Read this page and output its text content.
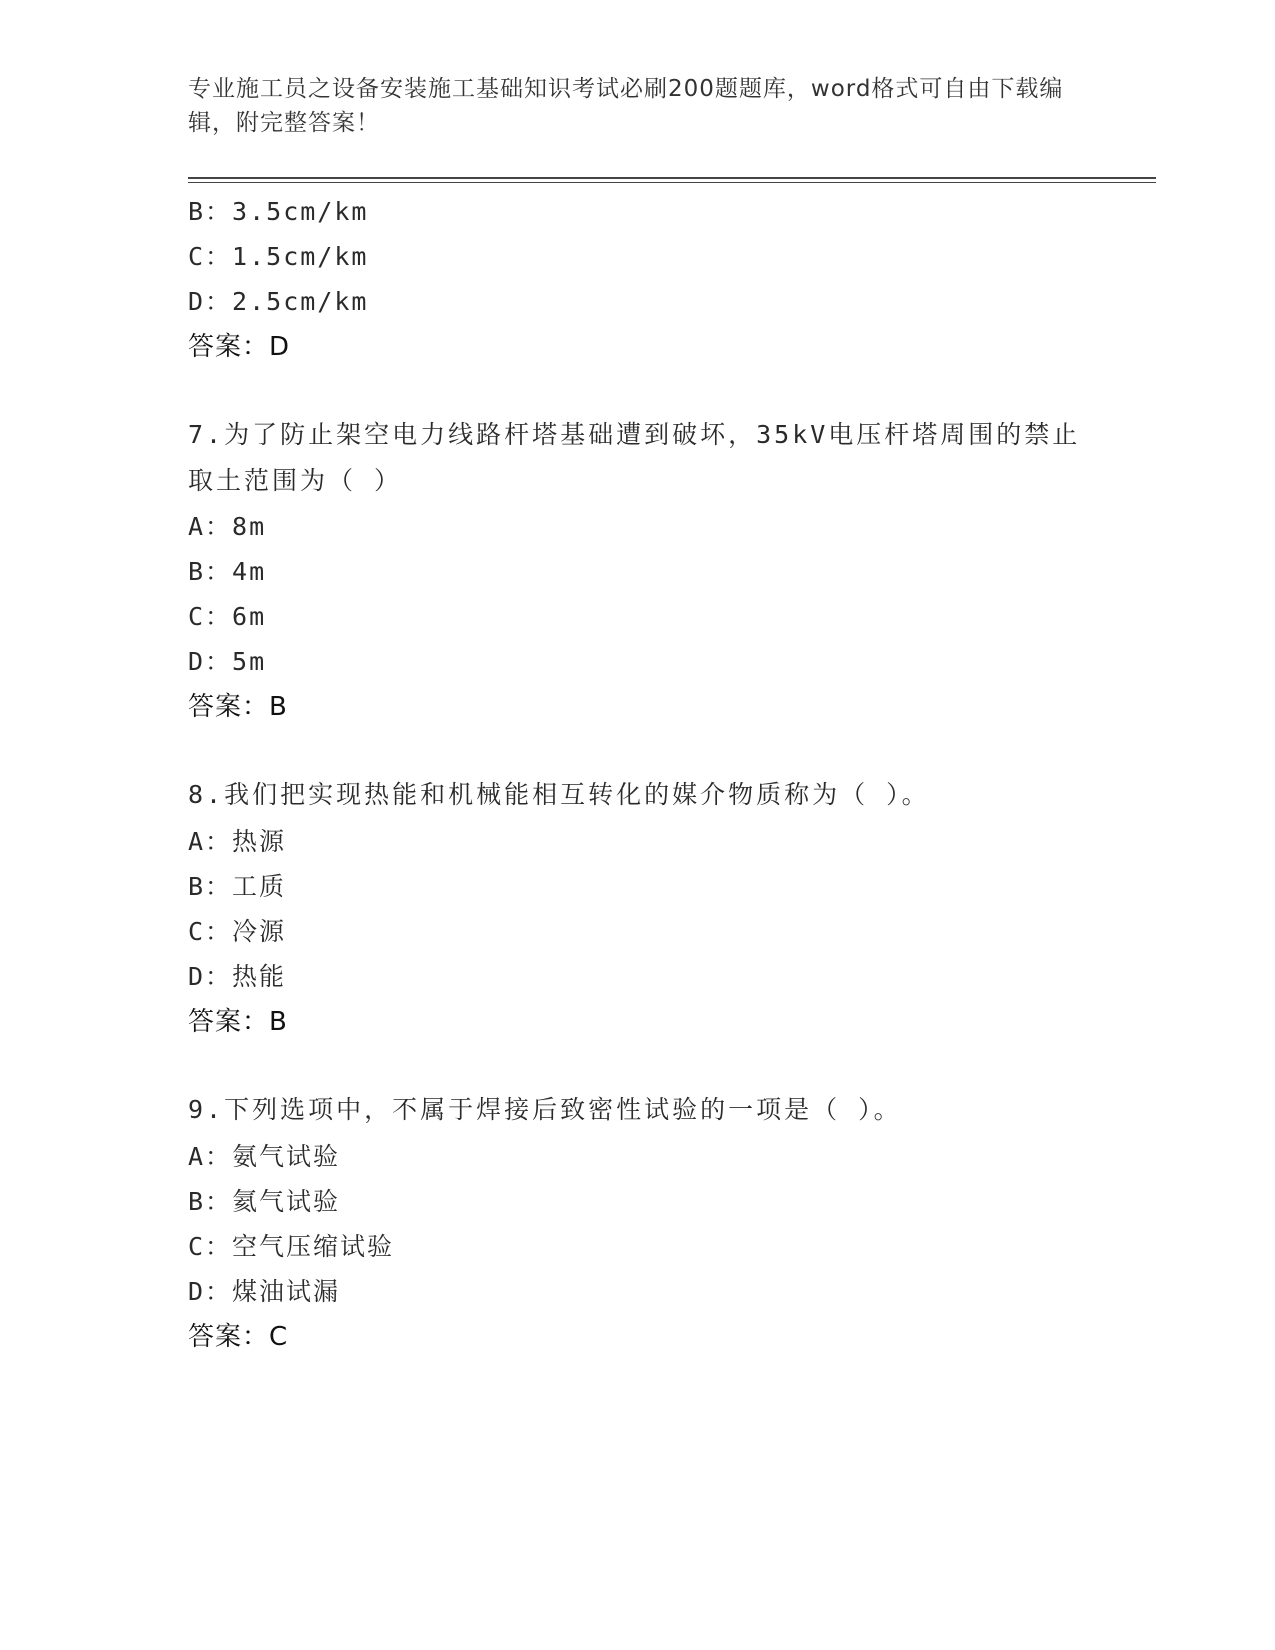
专业施工员之设备安装施工基础知识考试必刷200题题库，word格式可自由下载编辑，附完整答案！
B：3.5cm/km
C：1.5cm/km
D：2.5cm/km
答案：D
7.为了防止架空电力线路杆塔基础遭到破坏，35kV电压杆塔周围的禁止取土范围为（ ）
A：8m
B：4m
C：6m
D：5m
答案：B
8.我们把实现热能和机械能相互转化的媒介物质称为（ ）。
A：热源
B：工质
C：冷源
D：热能
答案：B
9.下列选项中，不属于焊接后致密性试验的一项是（ ）。
A：氨气试验
B：氦气试验
C：空气压缩试验
D：煤油试漏
答案：C
